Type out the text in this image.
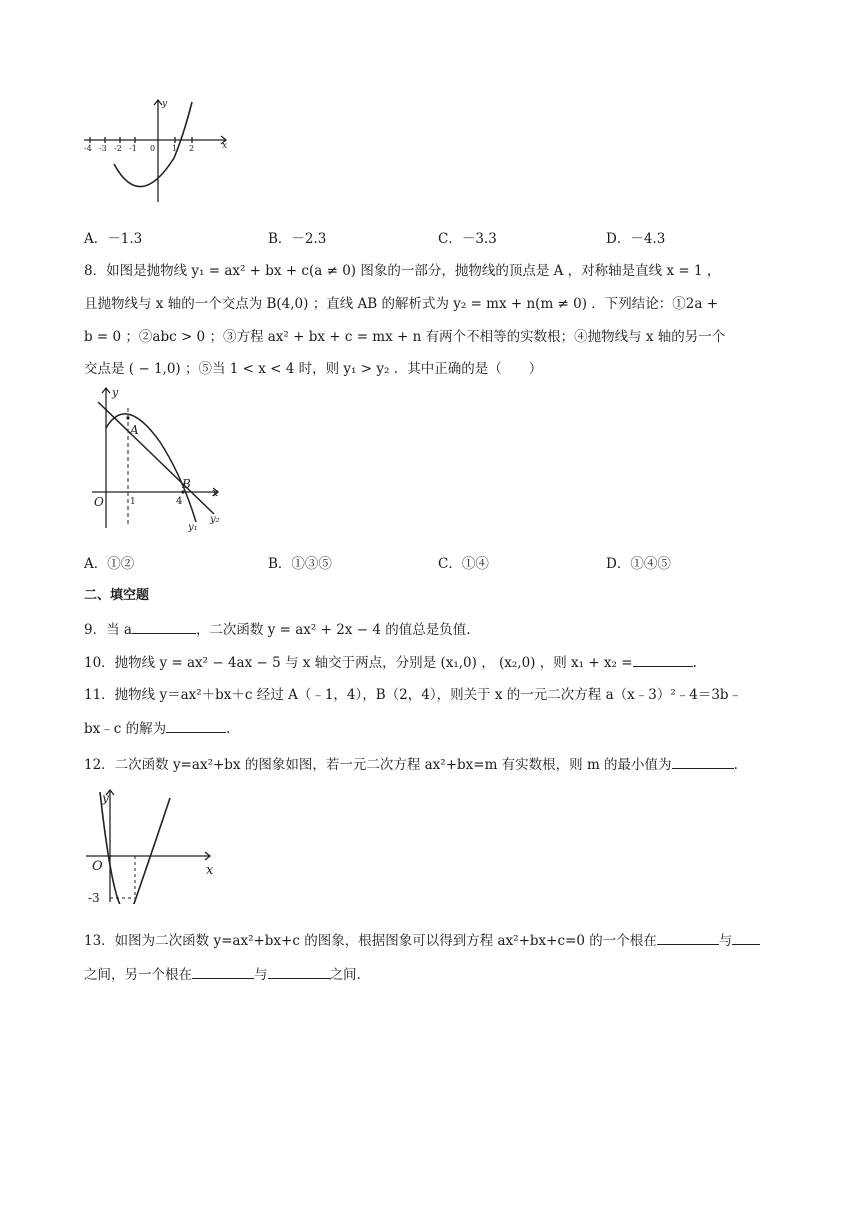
y
x
-4 -3 -2 -1 0 1 2
A．－1.3	B．－2.3	C．－3.3	D．－4.3
8．如图是抛物线 y₁ = ax² + bx + c(a ≠ 0) 图象的一部分，抛物线的顶点是 A ，对称轴是直线 x = 1 ，
且抛物线与 x 轴的一个交点为 B(4,0) ；直线 AB 的解析式为 y₂ = mx + n(m ≠ 0) ．下列结论：①2a +
b = 0 ；②abc > 0 ；③方程 ax² + bx + c = mx + n 有两个不相等的实数根；④抛物线与 x 轴的另一个
交点是 ( − 1,0) ；⑤当 1 < x < 4 时，则 y₁ > y₂ ．其中正确的是（　　）
y
x
O	1	4
A
B
y₁
y₂
A．①②	B．①③⑤	C．①④	D．①④⑤
二、填空题
9．当 a	，二次函数 y = ax² + 2x − 4 的值总是负值.
10．抛物线 y = ax² − 4ax − 5 与 x 轴交于两点，分别是 (x₁,0) ， (x₂,0) ，则 x₁ + x₂ =	.
11．抛物线 y＝ax²＋bx＋c 经过 A（﹣1，4），B（2，4），则关于 x 的一元二次方程 a（x﹣3）²﹣4＝3b﹣
bx﹣c 的解为	.
12．二次函数 y=ax²+bx 的图象如图，若一元二次方程 ax²+bx=m 有实数根，则 m 的最小值为	.
y
x
O
-3
13．如图为二次函数 y=ax²+bx+c 的图象，根据图象可以得到方程 ax²+bx+c=0 的一个根在	与
之间，另一个根在	与	之间.
